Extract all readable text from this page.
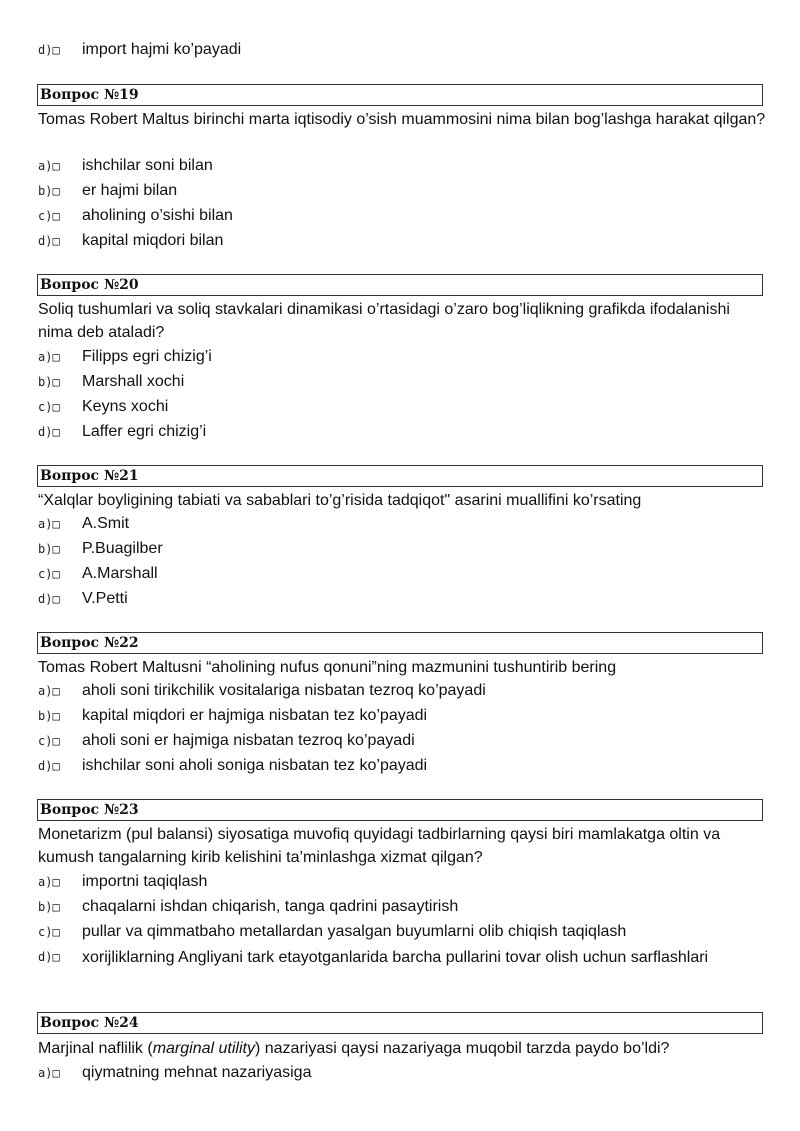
d)□	import hajmi ko’payadi
Вопрос №19
Tomas Robert Maltus birinchi marta iqtisodiy o’sish muammosini nima bilan bog’lashga harakat qilgan?
a)□	ishchilar soni bilan
b)□	er hajmi bilan
c)□	aholining o’sishi bilan
d)□	kapital miqdori bilan
Вопрос №20
Soliq tushumlari va soliq stavkalari dinamikasi o’rtasidagi o’zaro bog’liqlikning grafikda ifodalanishi nima deb ataladi?
a)□	Filipps egri chizig’i
b)□	Marshall xochi
c)□	Keyns xochi
d)□	Laffer egri chizig’i
Вопрос №21
“Xalqlar boyligining tabiati va sabablari to’g’risida tadqiqot" asarini muallifini ko’rsating
a)□	A.Smit
b)□	P.Buagilber
c)□	A.Marshall
d)□	V.Petti
Вопрос №22
Tomas Robert Maltusni “aholining nufus qonuni”ning mazmunini tushuntirib bering
a)□	aholi soni tirikchilik vositalariga nisbatan tezroq ko’payadi
b)□	kapital miqdori er hajmiga nisbatan tez ko’payadi
c)□	aholi soni er hajmiga nisbatan tezroq ko’payadi
d)□	ishchilar soni aholi soniga nisbatan tez ko’payadi
Вопрос №23
Monetarizm (pul balansi) siyosatiga muvofiq quyidagi tadbirlarning qaysi biri mamlakatga oltin va kumush tangalarning kirib kelishini ta’minlashga xizmat qilgan?
a)□	importni taqiqlash
b)□	chaqalarni ishdan chiqarish, tanga qadrini pasaytirish
c)□	pullar va qimmatbaho metallardan yasalgan buyumlarni olib chiqish taqiqlash
d)□	xorijliklarning Angliyani tark etayotganlarida barcha pullarini tovar olish uchun sarflashlari
Вопрос №24
Marjinal naflilik (marginal utility) nazariyasi qaysi nazariyaga muqobil tarzda paydo bo’ldi?
a)□	qiymatning mehnat nazariyasiga
